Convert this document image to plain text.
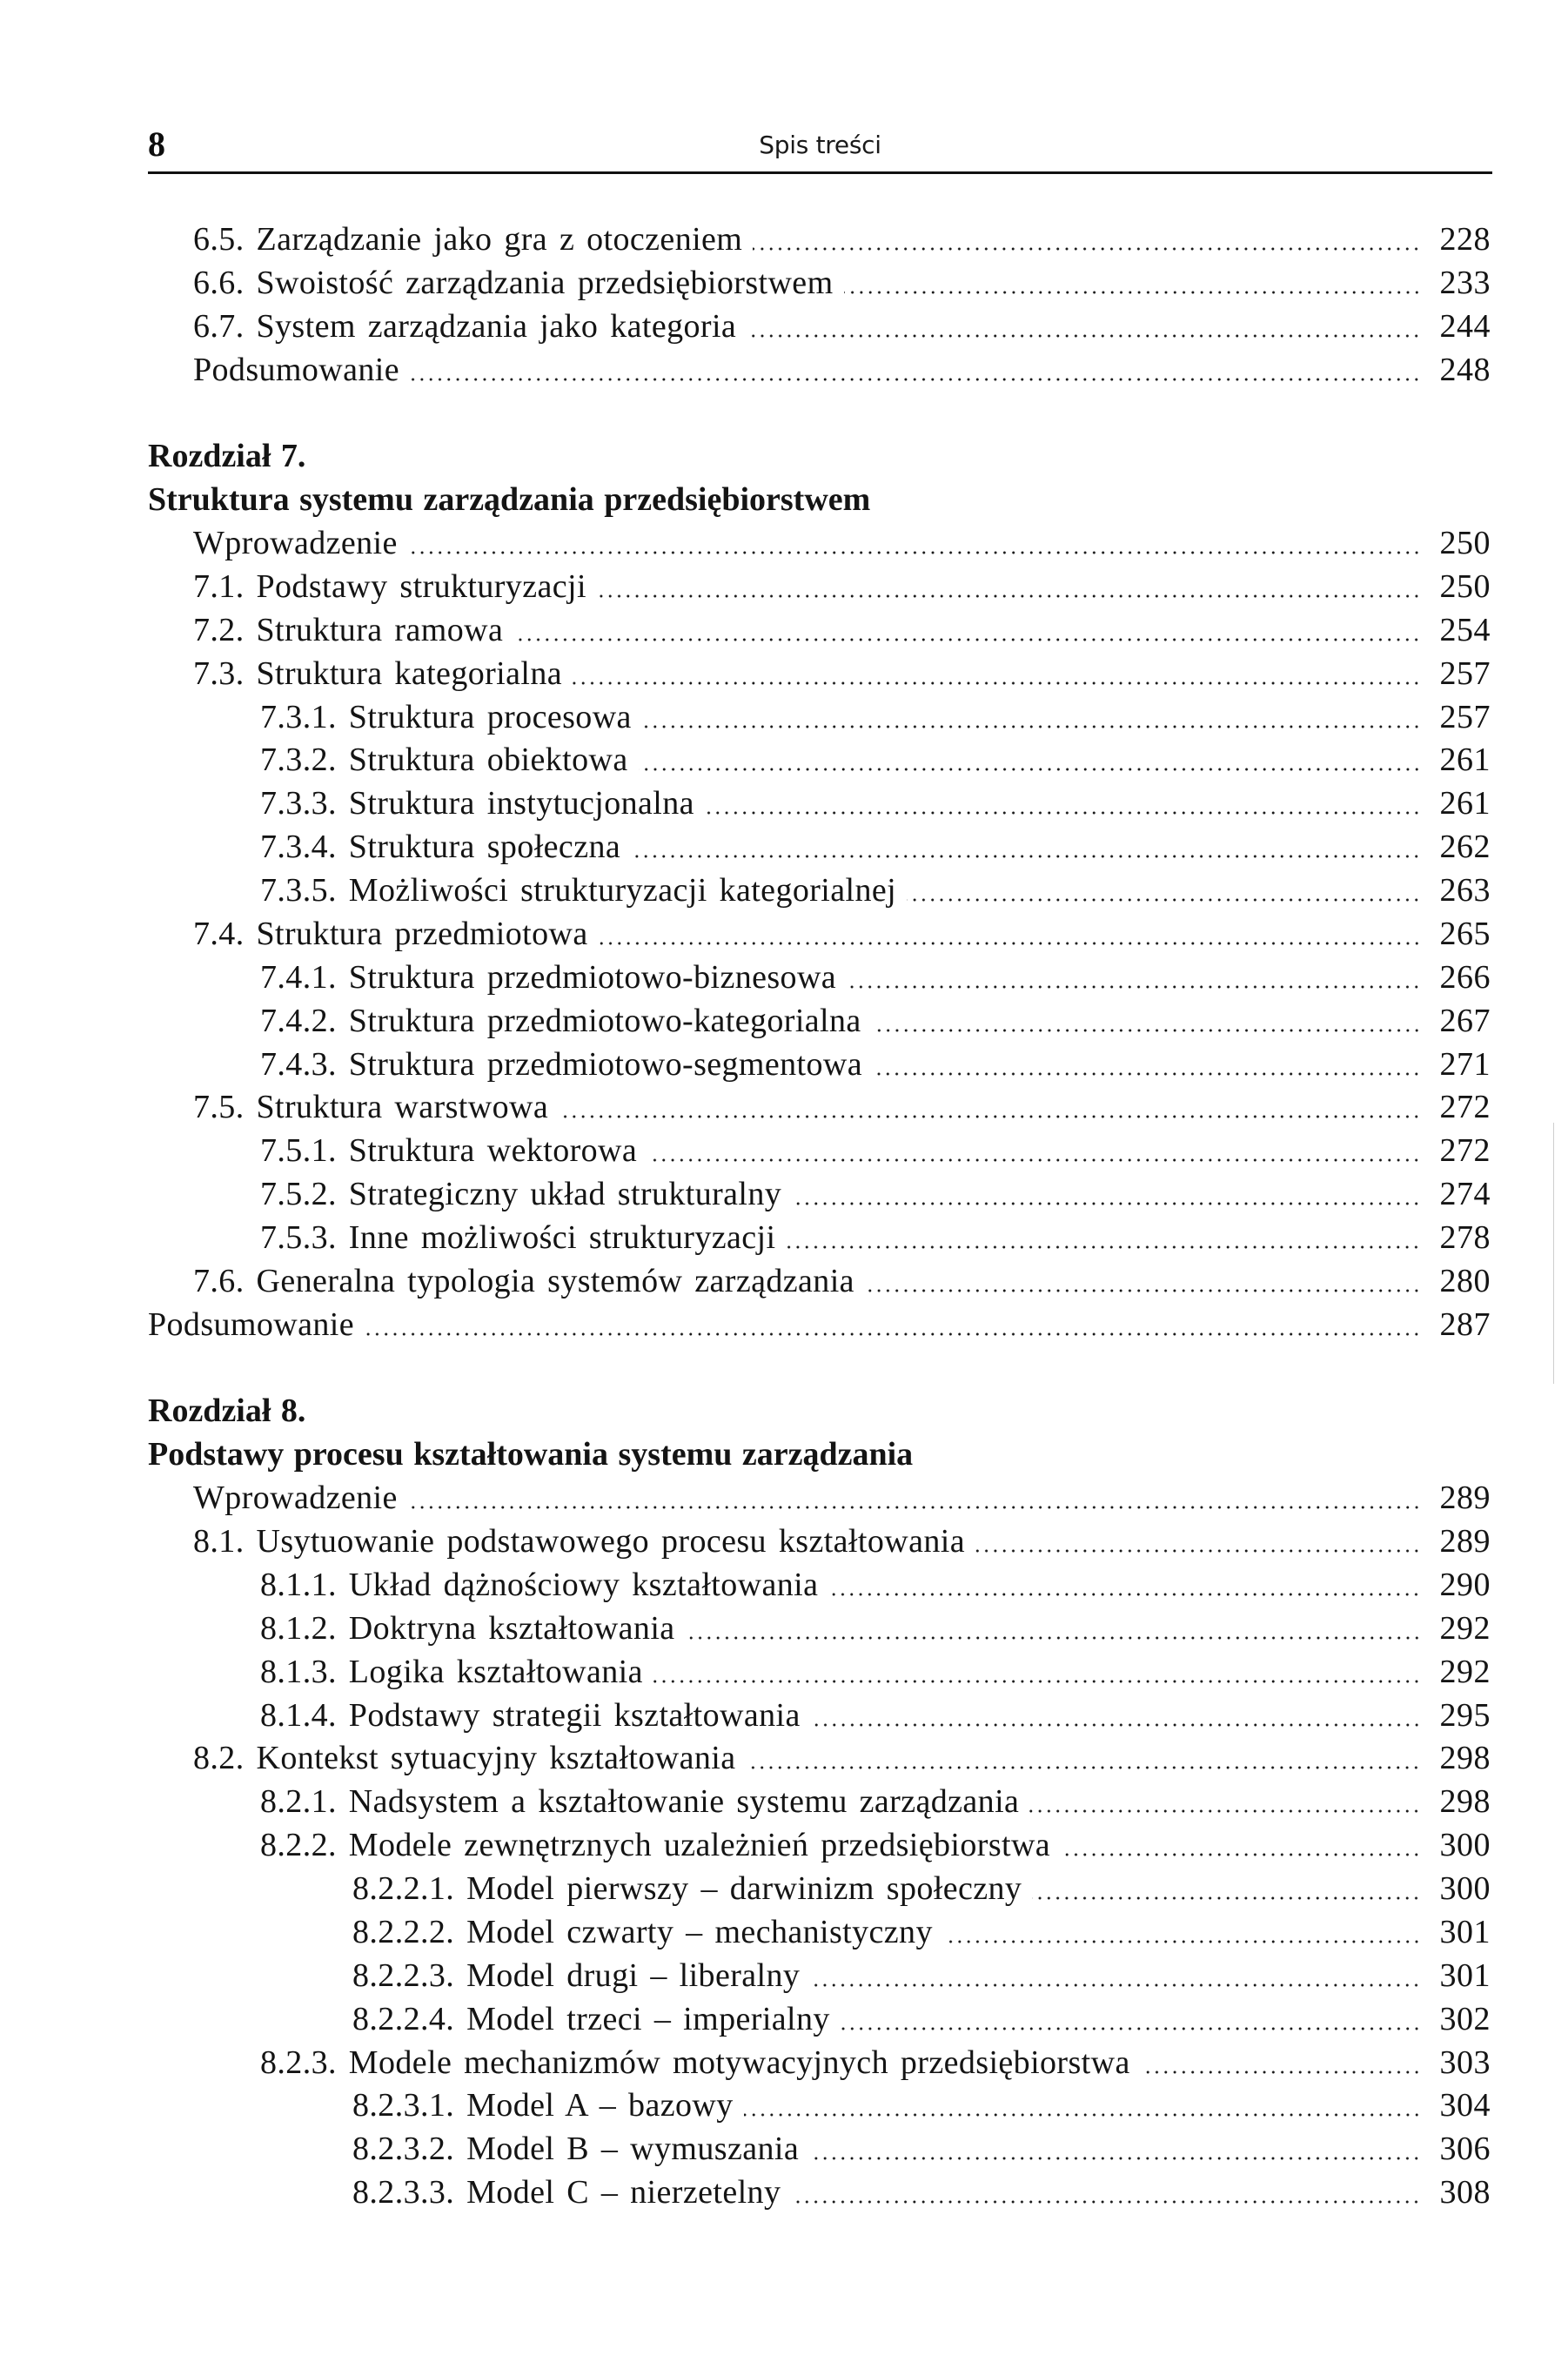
8	Spis treści
6.5. Zarządzanie jako gra z otoczeniem	228
6.6. Swoistość zarządzania przedsiębiorstwem	233
6.7. System zarządzania jako kategoria	244
Podsumowanie	248
Rozdział 7.
Struktura systemu zarządzania przedsiębiorstwem
Wprowadzenie	250
7.1. Podstawy strukturyzacji	250
7.2. Struktura ramowa	254
7.3. Struktura kategorialna	257
7.3.1. Struktura procesowa	257
7.3.2. Struktura obiektowa	261
7.3.3. Struktura instytucjonalna	261
7.3.4. Struktura społeczna	262
7.3.5. Możliwości strukturyzacji kategorialnej	263
7.4. Struktura przedmiotowa	265
7.4.1. Struktura przedmiotowo-biznesowa	266
7.4.2. Struktura przedmiotowo-kategorialna	267
7.4.3. Struktura przedmiotowo-segmentowa	271
7.5. Struktura warstwowa	272
7.5.1. Struktura wektorowa	272
7.5.2. Strategiczny układ strukturalny	274
7.5.3. Inne możliwości strukturyzacji	278
7.6. Generalna typologia systemów zarządzania	280
Podsumowanie	287
Rozdział 8.
Podstawy procesu kształtowania systemu zarządzania
Wprowadzenie	289
8.1. Usytuowanie podstawowego procesu kształtowania	289
8.1.1. Układ dążnościowy kształtowania	290
8.1.2. Doktryna kształtowania	292
8.1.3. Logika kształtowania	292
8.1.4. Podstawy strategii kształtowania	295
8.2. Kontekst sytuacyjny kształtowania	298
8.2.1. Nadsystem a kształtowanie systemu zarządzania	298
8.2.2. Modele zewnętrznych uzależnień przedsiębiorstwa	300
8.2.2.1. Model pierwszy – darwinizm społeczny	300
8.2.2.2. Model czwarty – mechanistyczny	301
8.2.2.3. Model drugi – liberalny	301
8.2.2.4. Model trzeci – imperialny	302
8.2.3. Modele mechanizmów motywacyjnych przedsiębiorstwa	303
8.2.3.1. Model A – bazowy	304
8.2.3.2. Model B – wymuszania	306
8.2.3.3. Model C – nierzetelny	308
